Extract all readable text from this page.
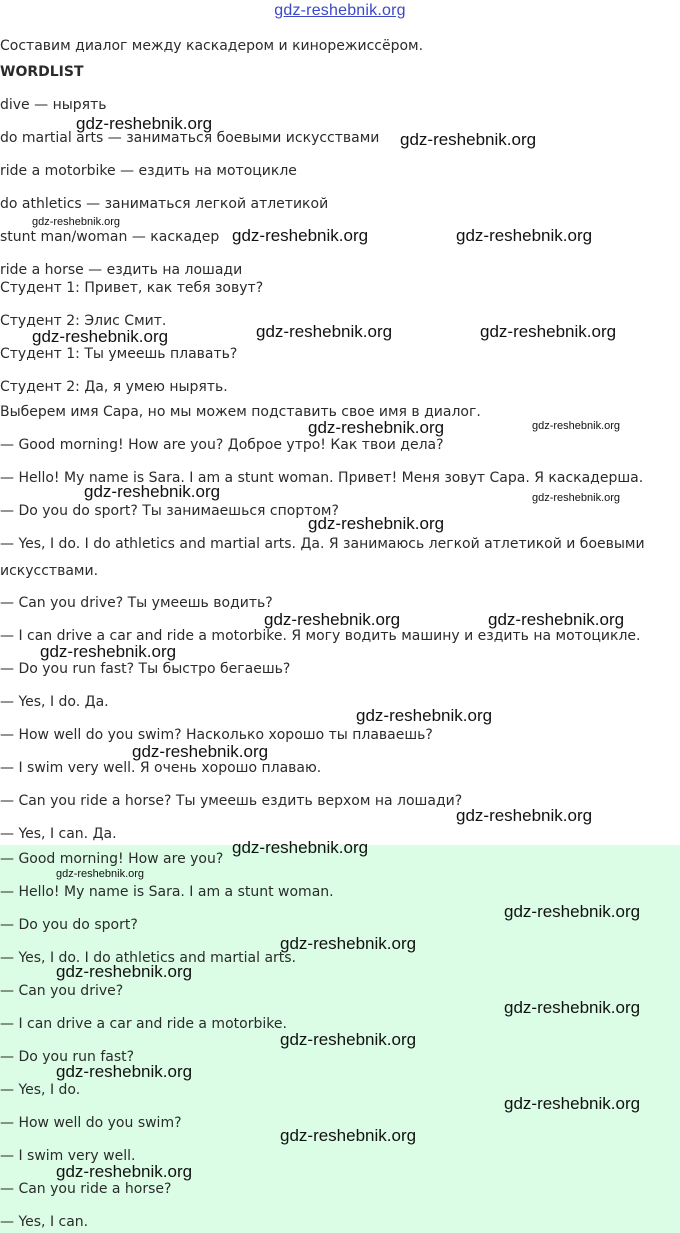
gdz-reshebnik.org
Составим диалог между каскадером и кинорежиссёром.
WORDLIST
dive — нырять
do martial arts — заниматься боевыми искусствами
ride a motorbike — ездить на мотоцикле
do athletics — заниматься легкой атлетикой
stunt man/woman — каскадер
ride a horse — ездить на лошади
Студент 1: Привет, как тебя зовут?
Студент 2: Элис Смит.
Студент 1: Ты умеешь плавать?
Студент 2: Да, я умею нырять.
Выберем имя Сара, но мы можем подставить свое имя в диалог.
— Good morning! How are you? Доброе утро! Как твои дела?
— Hello! My name is Sara. I am a stunt woman. Привет! Меня зовут Сара. Я каскадерша.
— Do you do sport? Ты занимаешься спортом?
— Yes, I do. I do athletics and martial arts. Да. Я занимаюсь легкой атлетикой и боевыми
искусствами.
— Can you drive? Ты умеешь водить?
— I can drive a car and ride a motorbike. Я могу водить машину и ездить на мотоцикле.
— Do you run fast? Ты быстро бегаешь?
— Yes, I do. Да.
— How well do you swim? Насколько хорошо ты плаваешь?
— I swim very well. Я очень хорошо плаваю.
— Can you ride a horse? Ты умеешь ездить верхом на лошади?
— Yes, I can. Да.
— Good morning! How are you?
— Hello! My name is Sara. I am a stunt woman.
— Do you do sport?
— Yes, I do. I do athletics and martial arts.
— Can you drive?
— I can drive a car and ride a motorbike.
— Do you run fast?
— Yes, I do.
— How well do you swim?
— I swim very well.
— Can you ride a horse?
— Yes, I can.
gdz-reshebnik.org
gdz-reshebnik.org
gdz-reshebnik.org
gdz-reshebnik.org	gdz-reshebnik.org
gdz-reshebnik.org	gdz-reshebnik.org
gdz-reshebnik.org
gdz-reshebnik.org	gdz-reshebnik.org
gdz-reshebnik.org	gdz-reshebnik.org
gdz-reshebnik.org
gdz-reshebnik.org	gdz-reshebnik.org
gdz-reshebnik.org
gdz-reshebnik.org
gdz-reshebnik.org
gdz-reshebnik.org
gdz-reshebnik.org
gdz-reshebnik.org
gdz-reshebnik.org
gdz-reshebnik.org
gdz-reshebnik.org
gdz-reshebnik.org
gdz-reshebnik.org
gdz-reshebnik.org
gdz-reshebnik.org
gdz-reshebnik.org
gdz-reshebnik.org
